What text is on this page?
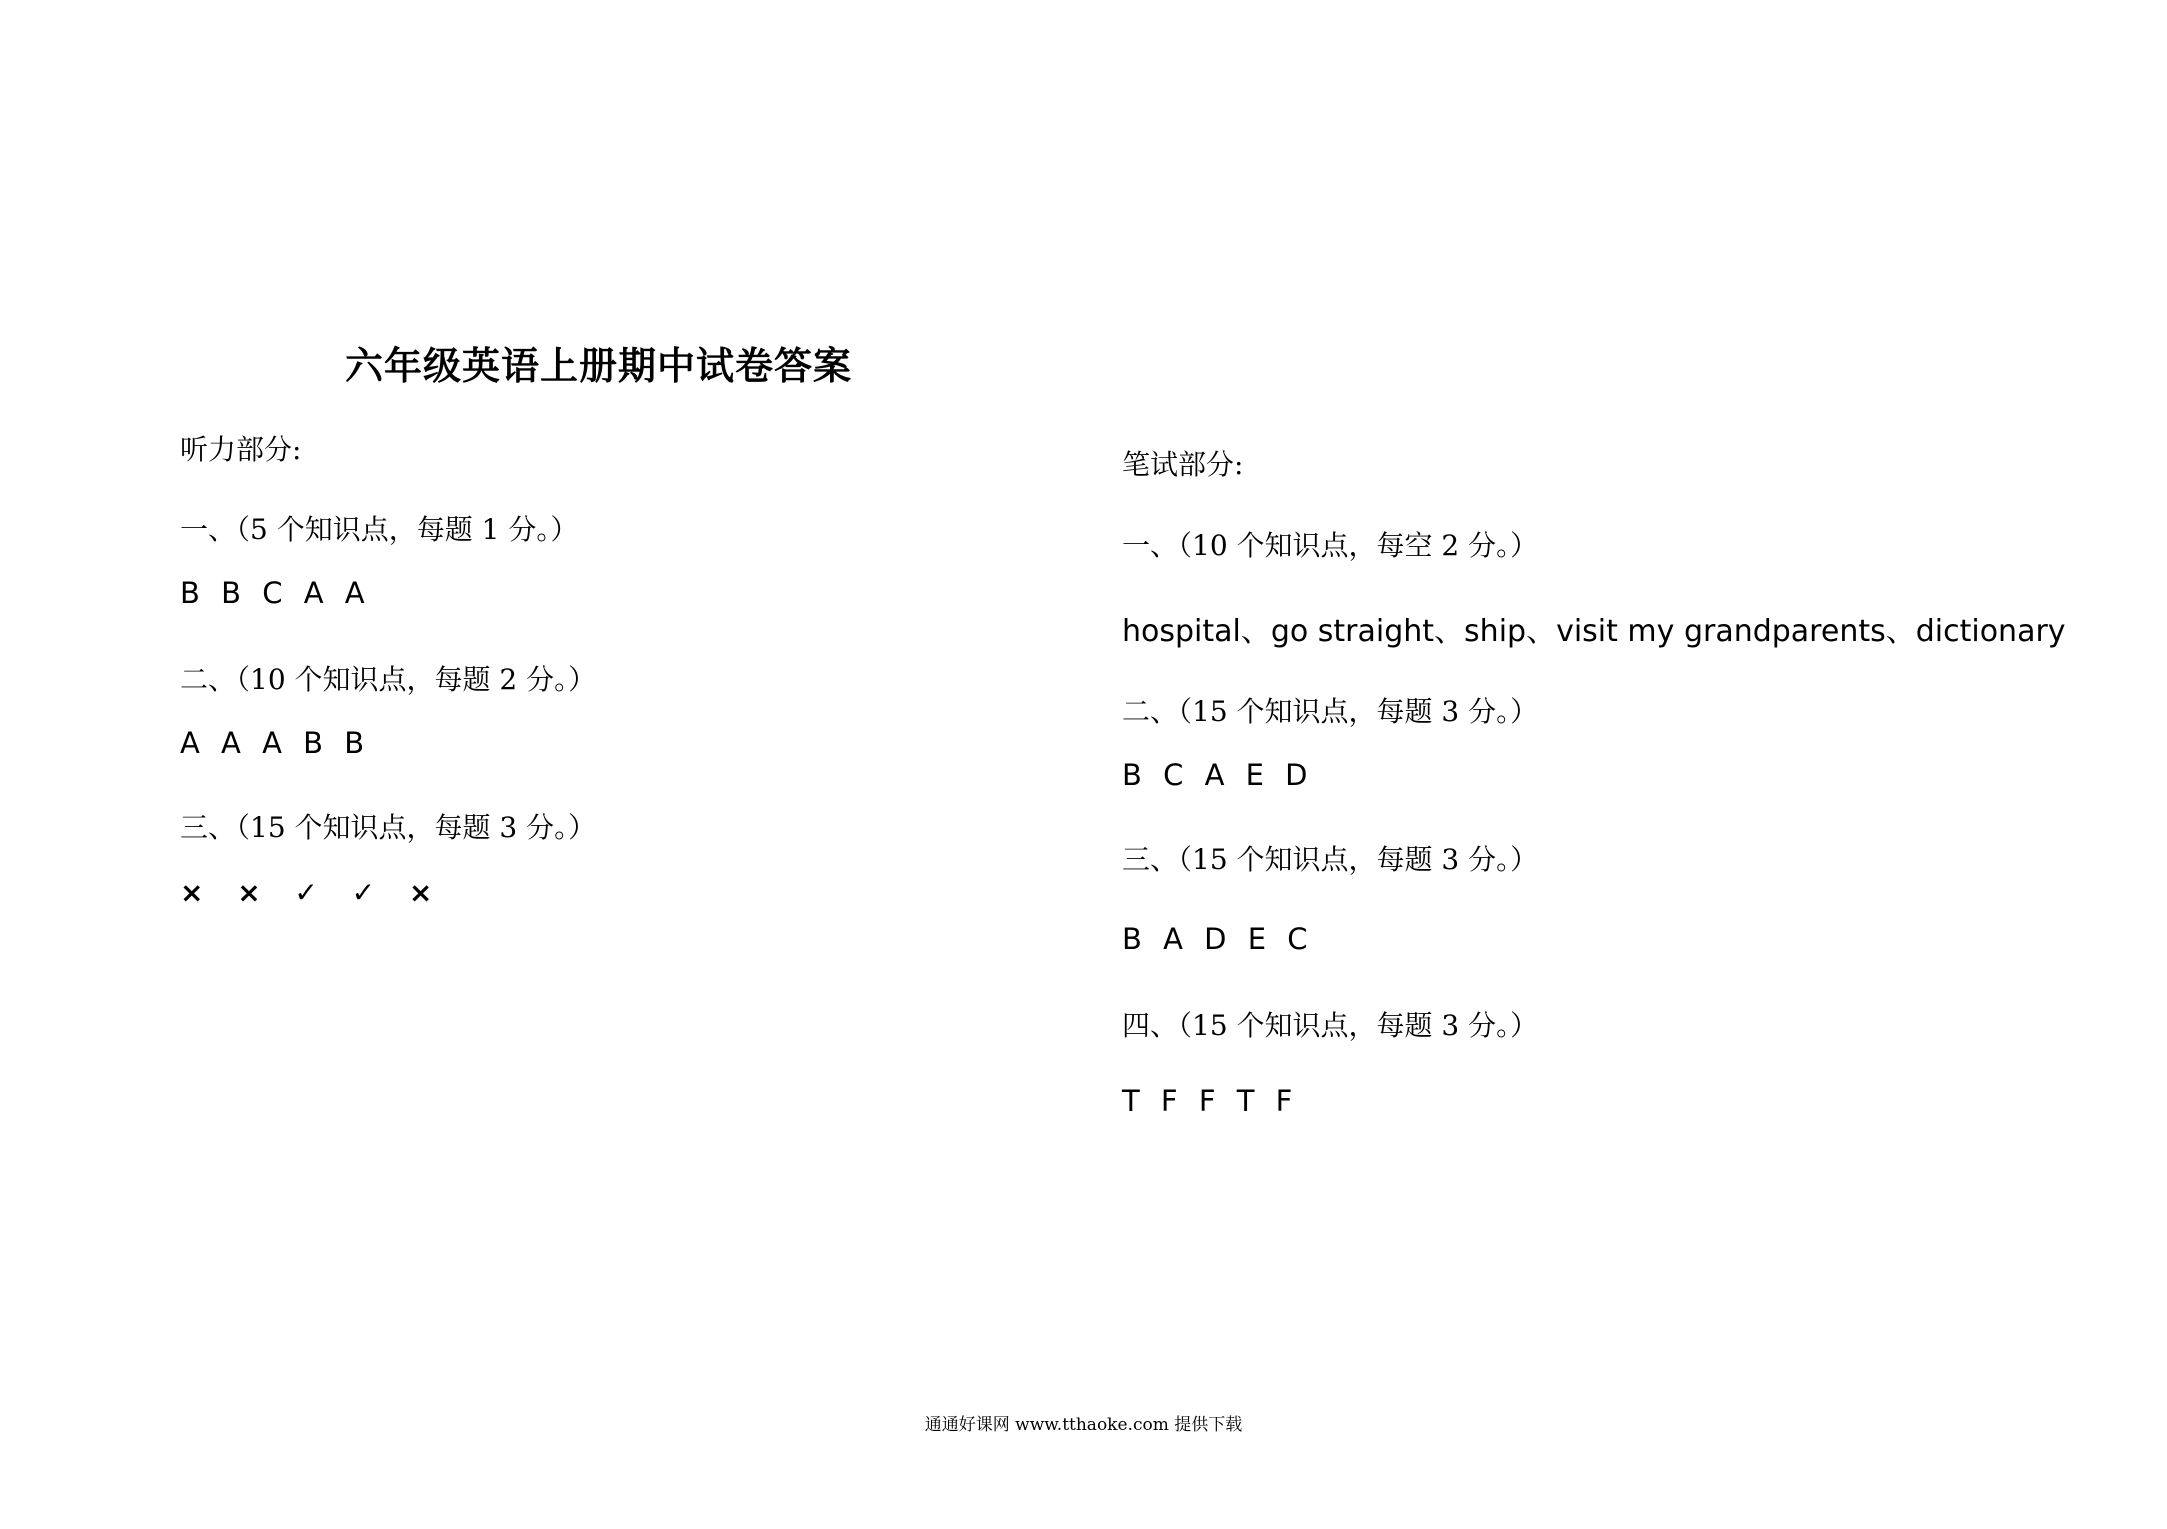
六年级英语上册期中试卷答案
听力部分:
一、（5 个知识点，每题 1 分。）
B B C A A
二、（10 个知识点，每题 2 分。）
A A A B B
三、（15 个知识点，每题 3 分。）
× × ✓ ✓ ×
笔试部分:
一、（10 个知识点，每空 2 分。）
hospital、go straight、ship、visit my grandparents、dictionary
二、（15 个知识点，每题 3 分。）
B C A E D
三、（15 个知识点，每题 3 分。）
B A D E C
四、（15 个知识点，每题 3 分。）
T F F T F
通通好课网 www.tthaoke.com 提供下载
